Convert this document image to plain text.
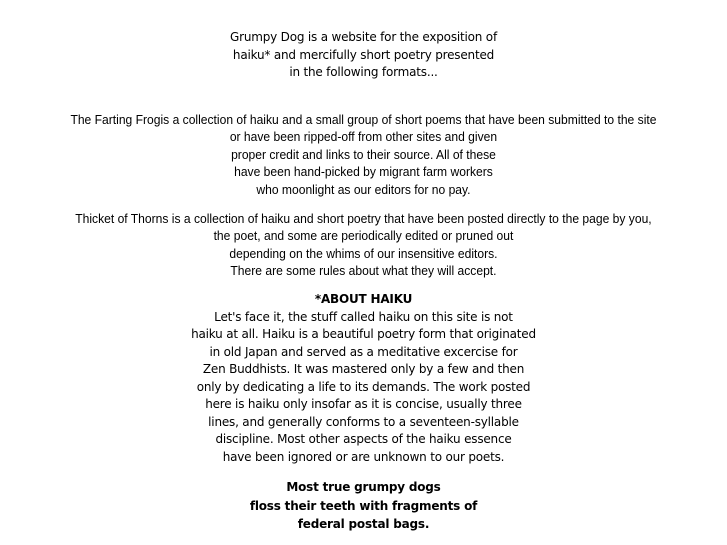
Grumpy Dog is a website for the exposition of
haiku* and mercifully short poetry presented
in the following formats...
The Farting Frogis a collection of haiku and a small group of short poems that have been submitted to the site
or have been ripped-off from other sites and given
proper credit and links to their source. All of these
have been hand-picked by migrant farm workers
who moonlight as our editors for no pay.
Thicket of Thorns is a collection of haiku and short poetry that have been posted directly to the page by you,
the poet, and some are periodically edited or pruned out
depending on the whims of our insensitive editors.
There are some rules about what they will accept.
*ABOUT HAIKU
Let's face it, the stuff called haiku on this site is not
haiku at all. Haiku is a beautiful poetry form that originated
in old Japan and served as a meditative excercise for
Zen Buddhists. It was mastered only by a few and then
only by dedicating a life to its demands. The work posted
here is haiku only insofar as it is concise, usually three
lines, and generally conforms to a seventeen-syllable
discipline. Most other aspects of the haiku essence
have been ignored or are unknown to our poets.
Most true grumpy dogs
floss their teeth with fragments of
federal postal bags.
